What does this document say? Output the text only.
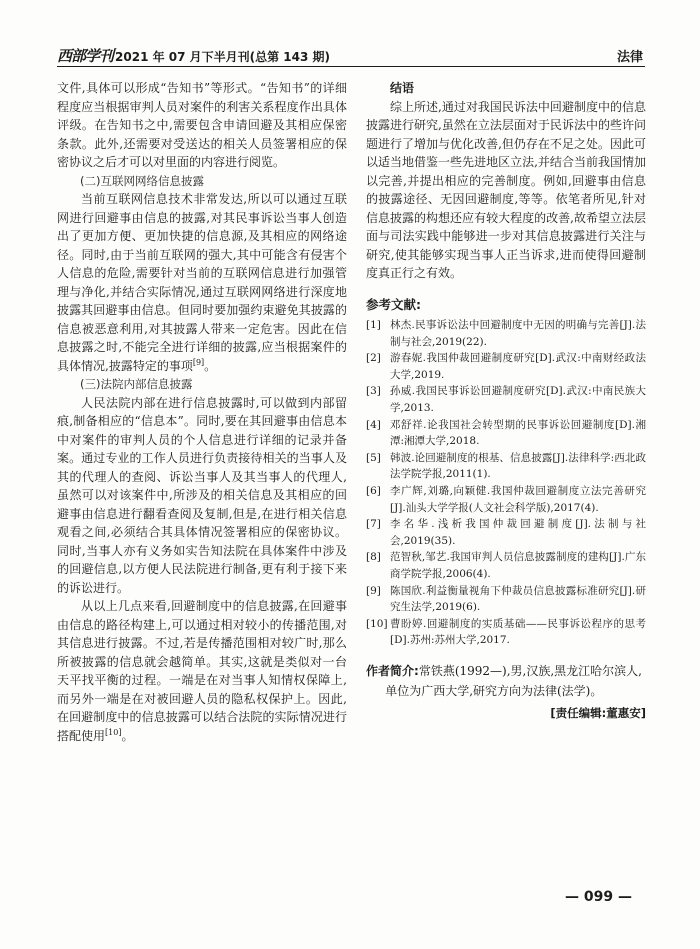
西部学刊 2021 年 07 月下半月刊(总第 143 期)	法律

文件,具体可以形成“告知书”等形式。“告知书”的详细程度应当根据审判人员对案件的利害关系程度作出具体评级。在告知书之中,需要包含申请回避及其相应保密条款。此外,还需要对受送达的相关人员签署相应的保密协议之后才可以对里面的内容进行阅览。

(二)互联网网络信息披露

当前互联网信息技术非常发达,所以可以通过互联网进行回避事由信息的披露,对其民事诉讼当事人创造出了更加方便、更加快捷的信息源,及其相应的网络途径。同时,由于当前互联网的强大,其中可能含有侵害个人信息的危险,需要针对当前的互联网信息进行加强管理与净化,并结合实际情况,通过互联网网络进行深度地披露其回避事由信息。但同时要加强约束避免其披露的信息被恶意利用,对其披露人带来一定危害。因此在信息披露之时,不能完全进行详细的披露,应当根据案件的具体情况,披露特定的事项[9]。

(三)法院内部信息披露

人民法院内部在进行信息披露时,可以做到内部留痕,制备相应的“信息本”。同时,要在其回避事由信息本中对案件的审判人员的个人信息进行详细的记录并备案。通过专业的工作人员进行负责接待相关的当事人及其的代理人的查阅、诉讼当事人及其当事人的代理人,虽然可以对该案件中,所涉及的相关信息及其相应的回避事由信息进行翻看查阅及复制,但是,在进行相关信息观看之间,必须结合其具体情况签署相应的保密协议。同时,当事人亦有义务如实告知法院在具体案件中涉及的回避信息,以方便人民法院进行制备,更有利于接下来的诉讼进行。

从以上几点来看,回避制度中的信息披露,在回避事由信息的路径构建上,可以通过相对较小的传播范围,对其信息进行披露。不过,若是传播范围相对较广时,那么所被披露的信息就会越简单。其实,这就是类似对一台天平找平衡的过程。一端是在对当事人知情权保障上,而另外一端是在对被回避人员的隐私权保护上。因此,在回避制度中的信息披露可以结合法院的实际情况进行搭配使用[10]。

结语

综上所述,通过对我国民诉法中回避制度中的信息披露进行研究,虽然在立法层面对于民诉法中的些许问题进行了增加与优化改善,但仍存在不足之处。因此可以适当地借鉴一些先进地区立法,并结合当前我国情加以完善,并提出相应的完善制度。例如,回避事由信息的披露途径、无因回避制度,等等。依笔者所见,针对信息披露的构想还应有较大程度的改善,故希望立法层面与司法实践中能够进一步对其信息披露进行关注与研究,使其能够实现当事人正当诉求,进而使得回避制度真正行之有效。

参考文献:
[1] 林杰.民事诉讼法中回避制度中无因的明确与完善[J].法制与社会,2019(22).
[2] 游春妮.我国仲裁回避制度研究[D].武汉:中南财经政法大学,2019.
[3] 孙威.我国民事诉讼回避制度研究[D].武汉:中南民族大学,2013.
[4] 邓舒祥.论我国社会转型期的民事诉讼回避制度[D].湘潭:湘潭大学,2018.
[5] 韩波.论回避制度的根基、信息披露[J].法律科学:西北政法学院学报,2011(1).
[6] 李广辉,刘璐,向颖健.我国仲裁回避制度立法完善研究[J].汕头大学学报(人文社会科学版),2017(4).
[7] 李名华.浅析我国仲裁回避制度[J].法制与社会,2019(35).
[8] 范智秋,邹艺.我国审判人员信息披露制度的建构[J].广东商学院学报,2006(4).
[9] 陈国欣.利益衡量视角下仲裁员信息披露标准研究[J].研究生法学,2019(6).
[10] 曹盼婷.回避制度的实质基础——民事诉讼程序的思考[D].苏州:苏州大学,2017.
作者简介:常铁燕(1992—),男,汉族,黑龙江哈尔滨人,单位为广西大学,研究方向为法律(法学)。
[责任编辑:董惠安]
— 099 —
